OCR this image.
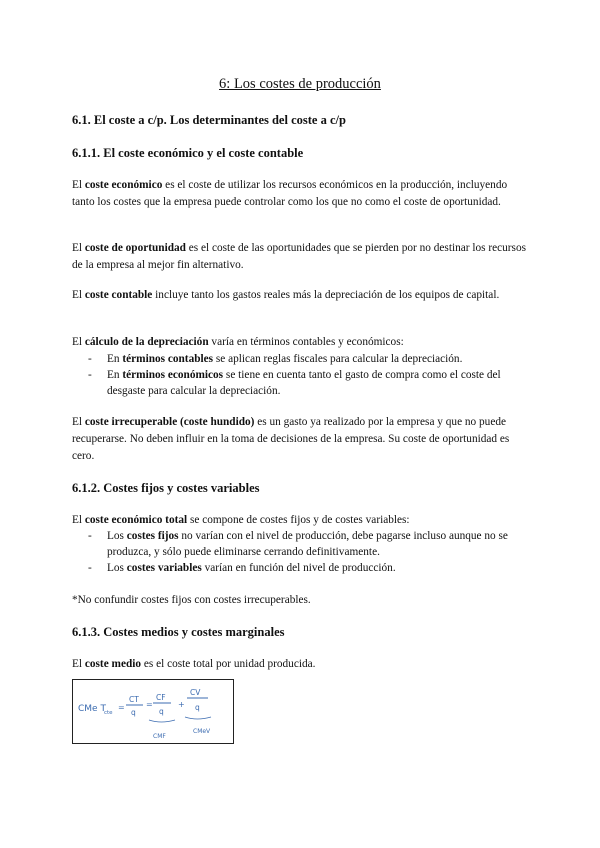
6: Los costes de producción
6.1. El coste a c/p. Los determinantes del coste a c/p
6.1.1. El coste económico y el coste contable

El coste económico es el coste de utilizar los recursos económicos en la producción, incluyendo tanto los costes que la empresa puede controlar como los que no como el coste de oportunidad.

El coste de oportunidad es el coste de las oportunidades que se pierden por no destinar los recursos de la empresa al mejor fin alternativo.

El coste contable incluye tanto los gastos reales más la depreciación de los equipos de capital.

El cálculo de la depreciación varía en términos contables y económicos:

- En términos contables se aplican reglas fiscales para calcular la depreciación.
- En términos económicos se tiene en cuenta tanto el gasto de compra como el coste del desgaste para calcular la depreciación.

El coste irrecuperable (coste hundido) es un gasto ya realizado por la empresa y que no puede recuperarse. No deben influir en la toma de decisiones de la empresa. Su coste de oportunidad es cero.

6.1.2. Costes fijos y costes variables

El coste económico total se compone de costes fijos y de costes variables:

- Los costes fijos no varían con el nivel de producción, debe pagarse incluso aunque no se produzca, y sólo puede eliminarse cerrando definitivamente.
- Los costes variables varían en función del nivel de producción.

*No confundir costes fijos con costes irrecuperables.

6.1.3. Costes medios y costes marginales

El coste medio es el coste total por unidad producida.

CMe T
cte
=
CT
q
=
CF
q
+
CV
q
CMF
CMeV
